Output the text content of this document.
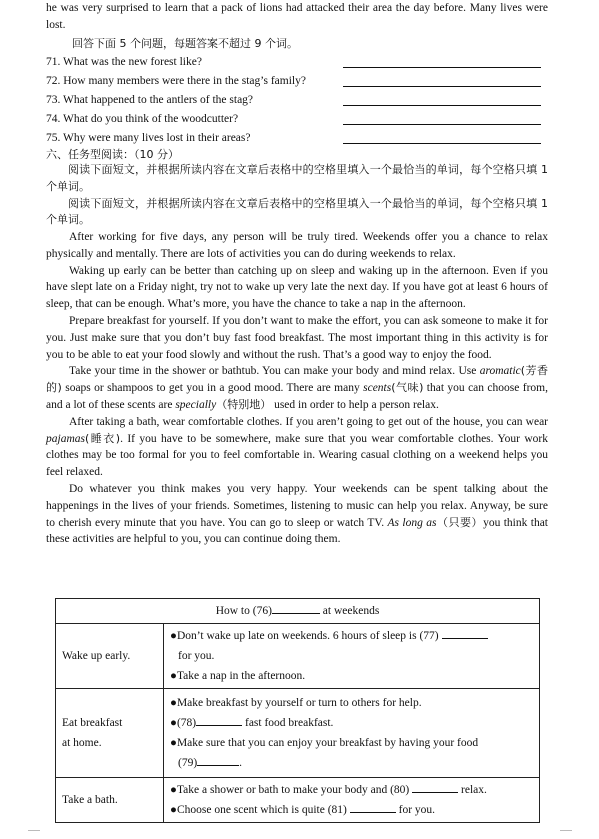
he was very surprised to learn that a pack of lions had attacked their area the day before. Many lives were lost.

回答下面 5 个问题，每题答案不超过 9 个词。

71. What was the new forest like?
72. How many members were there in the stag’s family?
73. What happened to the antlers of the stag?
74. What do you think of the woodcutter?
75. Why were many lives lost in their areas?

六、任务型阅读：（10 分）

阅读下面短文，并根据所读内容在文章后表格中的空格里填入一个最恰当的单词，每个空格只填 1 个单词。

阅读下面短文，并根据所读内容在文章后表格中的空格里填入一个最恰当的单词，每个空格只填 1 个单词。

After working for five days, any person will be truly tired. Weekends offer you a chance to relax physically and mentally. There are lots of activities you can do during weekends to relax.

Waking up early can be better than catching up on sleep and waking up in the afternoon. Even if you have slept late on a Friday night, try not to wake up very late the next day. If you have got at least 6 hours of sleep, that can be enough. What’s more, you have the chance to take a nap in the afternoon.

Prepare breakfast for yourself. If you don’t want to make the effort, you can ask someone to make it for you. Just make sure that you don’t buy fast food breakfast. The most important thing in this activity is for you to be able to eat your food slowly and without the rush. That’s a good way to enjoy the food.

Take your time in the shower or bathtub. You can make your body and mind relax. Use aromatic(芳香的) soaps or shampoos to get you in a good mood. There are many scents(气味) that you can choose from, and a lot of these scents are specially（特别地） used in order to help a person relax.

After taking a bath, wear comfortable clothes. If you aren’t going to get out of the house, you can wear pajamas(睡衣). If you have to be somewhere, make sure that you wear comfortable clothes. Your work clothes may be too formal for you to feel comfortable in. Wearing casual clothing on a weekend helps you feel relaxed.

Do whatever you think makes you very happy. Your weekends can be spent talking about the happenings in the lives of your friends. Sometimes, listening to music can help you relax. Anyway, be sure to cherish every minute that you have. You can go to sleep or watch TV. As long as（只要）you think that these activities are helpful to you, you can continue doing them.

How to (76) at weekends	
Wake up early.	●Don’t wake up late on weekends. 6 hours of sleep is (77)
for you.
●Take a nap in the afternoon.

Eat breakfast
at home.	●Make breakfast by yourself or turn to others for help.
●(78) fast food breakfast.
●Make sure that you can enjoy your breakfast by having your food
(79) .

Take a bath.	●Take a shower or bath to make your body and (80) relax.
●Choose one scent which is quite (81) for you.
